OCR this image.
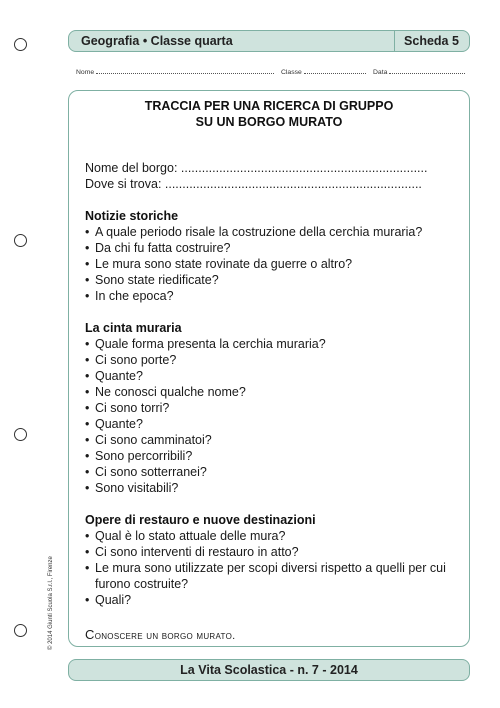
Geografia • Classe quarta	Scheda 5
Nome	Classe	Data
TRACCIA PER UNA RICERCA DI GRUPPO
SU UN BORGO MURATO
Nome del borgo: .......................................................................
Dove si trova: ..........................................................................
Notizie storiche
• A quale periodo risale la costruzione della cerchia muraria?
• Da chi fu fatta costruire?
• Le mura sono state rovinate da guerre o altro?
• Sono state riedificate?
• In che epoca?
La cinta muraria
• Quale forma presenta la cerchia muraria?
• Ci sono porte?
• Quante?
• Ne conosci qualche nome?
• Ci sono torri?
• Quante?
• Ci sono camminatoi?
• Sono percorribili?
• Ci sono sotterranei?
• Sono visitabili?
Opere di restauro e nuove destinazioni
• Qual è lo stato attuale delle mura?
• Ci sono interventi di restauro in atto?
• Le mura sono utilizzate per scopi diversi rispetto a quelli per cui
furono costruite?
• Quali?
Conoscere un borgo murato.
© 2014 Giunti Scuola S.r.l., Firenze
La Vita Scolastica - n. 7 - 2014
